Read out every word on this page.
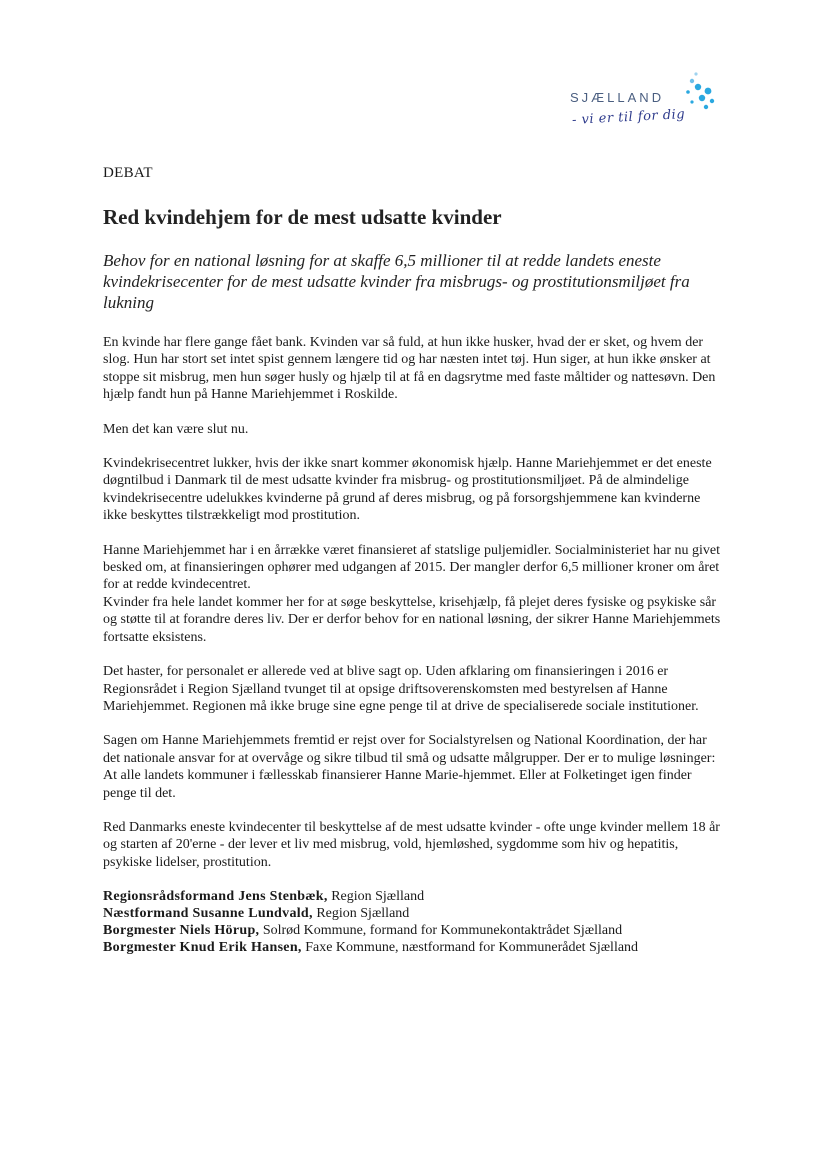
SJÆLLAND
- vi er til for dig
DEBAT
Red kvindehjem for de mest udsatte kvinder

Behov for en national løsning for at skaffe 6,5 millioner til at redde landets eneste kvindekrisecenter for de mest udsatte kvinder fra misbrugs- og prostitutionsmiljøet fra lukning

En kvinde har flere gange fået bank. Kvinden var så fuld, at hun ikke husker, hvad der er sket, og hvem der slog. Hun har stort set intet spist gennem længere tid og har næsten intet tøj. Hun siger, at hun ikke ønsker at stoppe sit misbrug, men hun søger husly og hjælp til at få en dagsrytme med faste måltider og nattesøvn. Den hjælp fandt hun på Hanne Mariehjemmet i Roskilde.

Men det kan være slut nu.

Kvindekrisecentret lukker, hvis der ikke snart kommer økonomisk hjælp. Hanne Mariehjemmet er det eneste døgntilbud i Danmark til de mest udsatte kvinder fra misbrug- og prostitutionsmiljøet. På de almindelige kvindekrisecentre udelukkes kvinderne på grund af deres misbrug, og på forsorgshjemmene kan kvinderne ikke beskyttes tilstrækkeligt mod prostitution.

Hanne Mariehjemmet har i en årrække været finansieret af statslige puljemidler. Socialministeriet har nu givet besked om, at finansieringen ophører med udgangen af 2015. Der mangler derfor 6,5 millioner kroner om året for at redde kvindecentret.

Kvinder fra hele landet kommer her for at søge beskyttelse, krisehjælp, få plejet deres fysiske og psykiske sår og støtte til at forandre deres liv. Der er derfor behov for en national løsning, der sikrer Hanne Mariehjemmets fortsatte eksistens.

Det haster, for personalet er allerede ved at blive sagt op. Uden afklaring om finansieringen i 2016 er Regionsrådet i Region Sjælland tvunget til at opsige driftsoverenskomsten med bestyrelsen af Hanne Mariehjemmet. Regionen må ikke bruge sine egne penge til at drive de specialiserede sociale institutioner.

Sagen om Hanne Mariehjemmets fremtid er rejst over for Socialstyrelsen og National Koordination, der har det nationale ansvar for at overvåge og sikre tilbud til små og udsatte målgrupper. Der er to mulige løsninger: At alle landets kommuner i fællesskab finansierer Hanne Marie-hjemmet. Eller at Folketinget igen finder penge til det.

Red Danmarks eneste kvindecenter til beskyttelse af de mest udsatte kvinder - ofte unge kvinder mellem 18 år og starten af 20'erne - der lever et liv med misbrug, vold, hjemløshed, sygdomme som hiv og hepatitis, psykiske lidelser, prostitution.

Regionsrådsformand Jens Stenbæk, Region Sjælland
Næstformand Susanne Lundvald, Region Sjælland
Borgmester Niels Hörup, Solrød Kommune, formand for Kommunekontaktrådet Sjælland
Borgmester Knud Erik Hansen, Faxe Kommune, næstformand for Kommunerådet Sjælland
